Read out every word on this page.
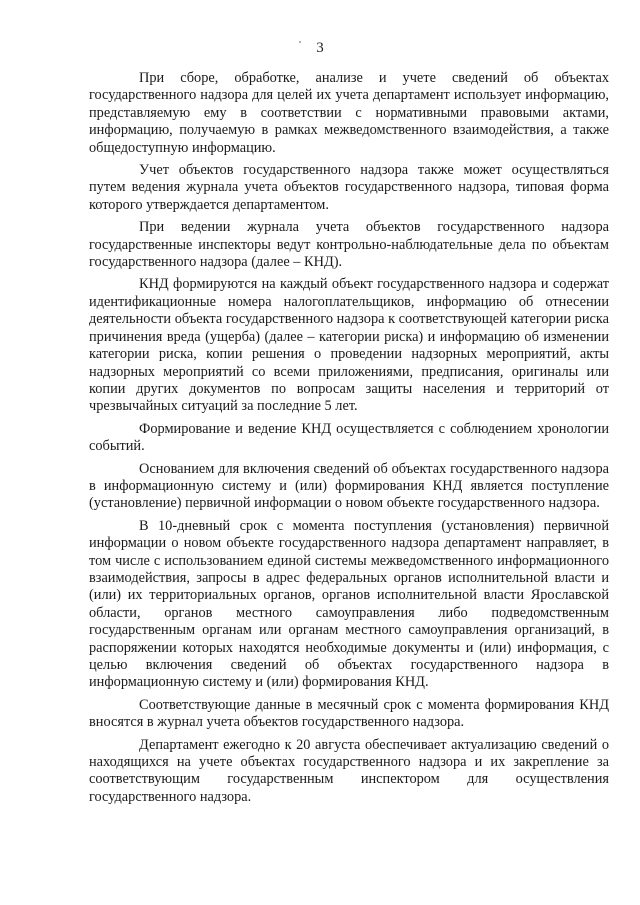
3

При сборе, обработке, анализе и учете сведений об объектах государственного надзора для целей их учета департамент использует информацию, представляемую ему в соответствии с нормативными правовыми актами, информацию, получаемую в рамках межведомственного взаимодействия, а также общедоступную информацию.

Учет объектов государственного надзора также может осуществляться путем ведения журнала учета объектов государственного надзора, типовая форма которого утверждается департаментом.

При ведении журнала учета объектов государственного надзора государственные инспекторы ведут контрольно-наблюдательные дела по объектам государственного надзора (далее – КНД).

КНД формируются на каждый объект государственного надзора и содержат идентификационные номера налогоплательщиков, информацию об отнесении деятельности объекта государственного надзора к соответствующей категории риска причинения вреда (ущерба) (далее – категории риска) и информацию об изменении категории риска, копии решения о проведении надзорных мероприятий, акты надзорных мероприятий со всеми приложениями, предписания, оригиналы или копии других документов по вопросам защиты населения и территорий от чрезвычайных ситуаций за последние 5 лет.

Формирование и ведение КНД осуществляется с соблюдением хронологии событий.

Основанием для включения сведений об объектах государственного надзора в информационную систему и (или) формирования КНД является поступление (установление) первичной информации о новом объекте государственного надзора.

В 10-дневный срок с момента поступления (установления) первичной информации о новом объекте государственного надзора департамент направляет, в том числе с использованием единой системы межведомственного информационного взаимодействия, запросы в адрес федеральных органов исполнительной власти и (или) их территориальных органов, органов исполнительной власти Ярославской области, органов местного самоуправления либо подведомственным государственным органам или органам местного самоуправления организаций, в распоряжении которых находятся необходимые документы и (или) информация, с целью включения сведений об объектах государственного надзора в информационную систему и (или) формирования КНД.

Соответствующие данные в месячный срок с момента формирования КНД вносятся в журнал учета объектов государственного надзора.

Департамент ежегодно к 20 августа обеспечивает актуализацию сведений о находящихся на учете объектах государственного надзора и их закрепление за соответствующим государственным инспектором для осуществления государственного надзора.
